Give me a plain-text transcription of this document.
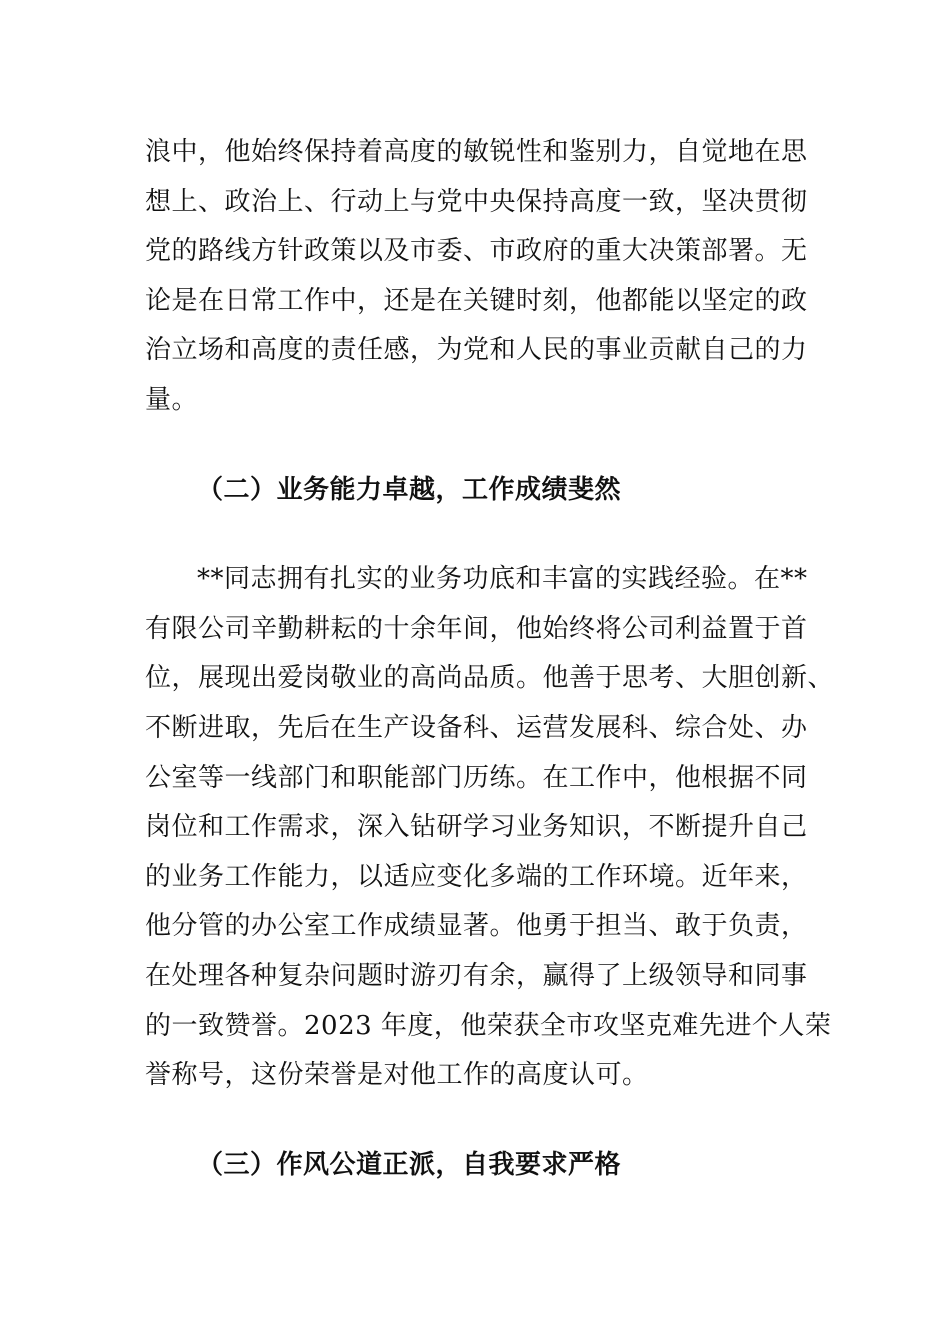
浪中，他始终保持着高度的敏锐性和鉴别力，自觉地在思
想上、政治上、行动上与党中央保持高度一致，坚决贯彻
党的路线方针政策以及市委、市政府的重大决策部署。无
论是在日常工作中，还是在关键时刻，他都能以坚定的政
治立场和高度的责任感，为党和人民的事业贡献自己的力
量。
（二）业务能力卓越，工作成绩斐然
**同志拥有扎实的业务功底和丰富的实践经验。在**
有限公司辛勤耕耘的十余年间，他始终将公司利益置于首
位，展现出爱岗敬业的高尚品质。他善于思考、大胆创新、
不断进取，先后在生产设备科、运营发展科、综合处、办
公室等一线部门和职能部门历练。在工作中，他根据不同
岗位和工作需求，深入钻研学习业务知识，不断提升自己
的业务工作能力，以适应变化多端的工作环境。近年来，
他分管的办公室工作成绩显著。他勇于担当、敢于负责，
在处理各种复杂问题时游刃有余，赢得了上级领导和同事
的一致赞誉。2023 年度，他荣获全市攻坚克难先进个人荣
誉称号，这份荣誉是对他工作的高度认可。
（三）作风公道正派，自我要求严格
